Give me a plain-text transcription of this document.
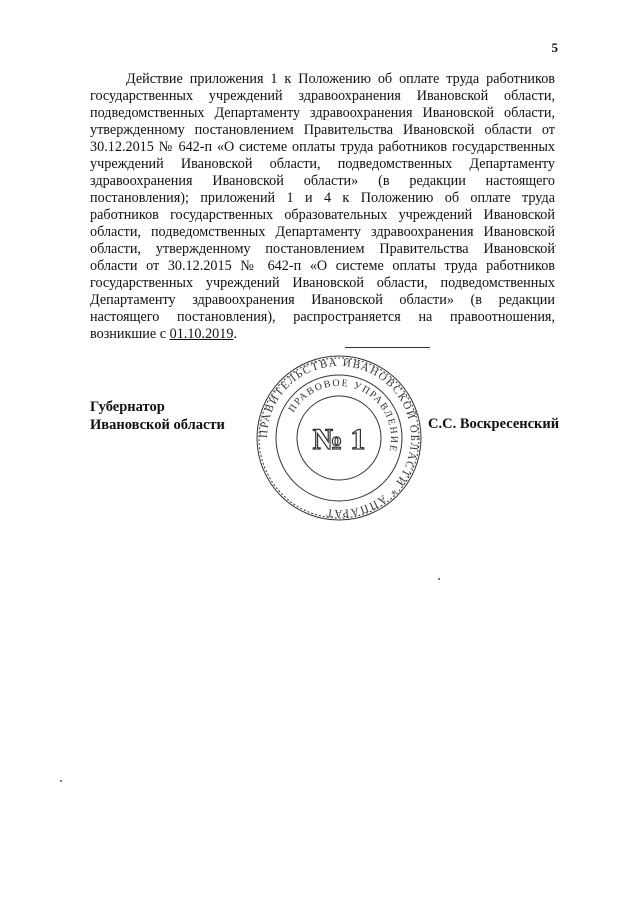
5
Действие приложения 1 к Положению об оплате труда работников государственных учреждений здравоохранения Ивановской области, подведомственных Департаменту здравоохранения Ивановской области, утвержденному постановлением Правительства Ивановской области от 30.12.2015 № 642-п «О системе оплаты труда работников государственных учреждений Ивановской области, подведомственных Департаменту здравоохранения Ивановской области» (в редакции настоящего постановления); приложений 1 и 4 к Положению об оплате труда работников государственных образовательных учреждений Ивановской области, подведомственных Департаменту здравоохранения Ивановской области, утвержденному постановлением Правительства Ивановской области от 30.12.2015 № 642-п «О системе оплаты труда работников государственных учреждений Ивановской области, подведомственных Департаменту здравоохранения Ивановской области» (в редакции настоящего постановления), распространяется на правоотношения, возникшие с 01.10.2019.
Губернатор
Ивановской области	С.С. Воскресенский
ПРАВИТЕЛЬСТВА ИВАНОВСКОЙ ОБЛАСТИ * АППАРАТ
ПРАВОВОЕ УПРАВЛЕНИЕ
№ 1
